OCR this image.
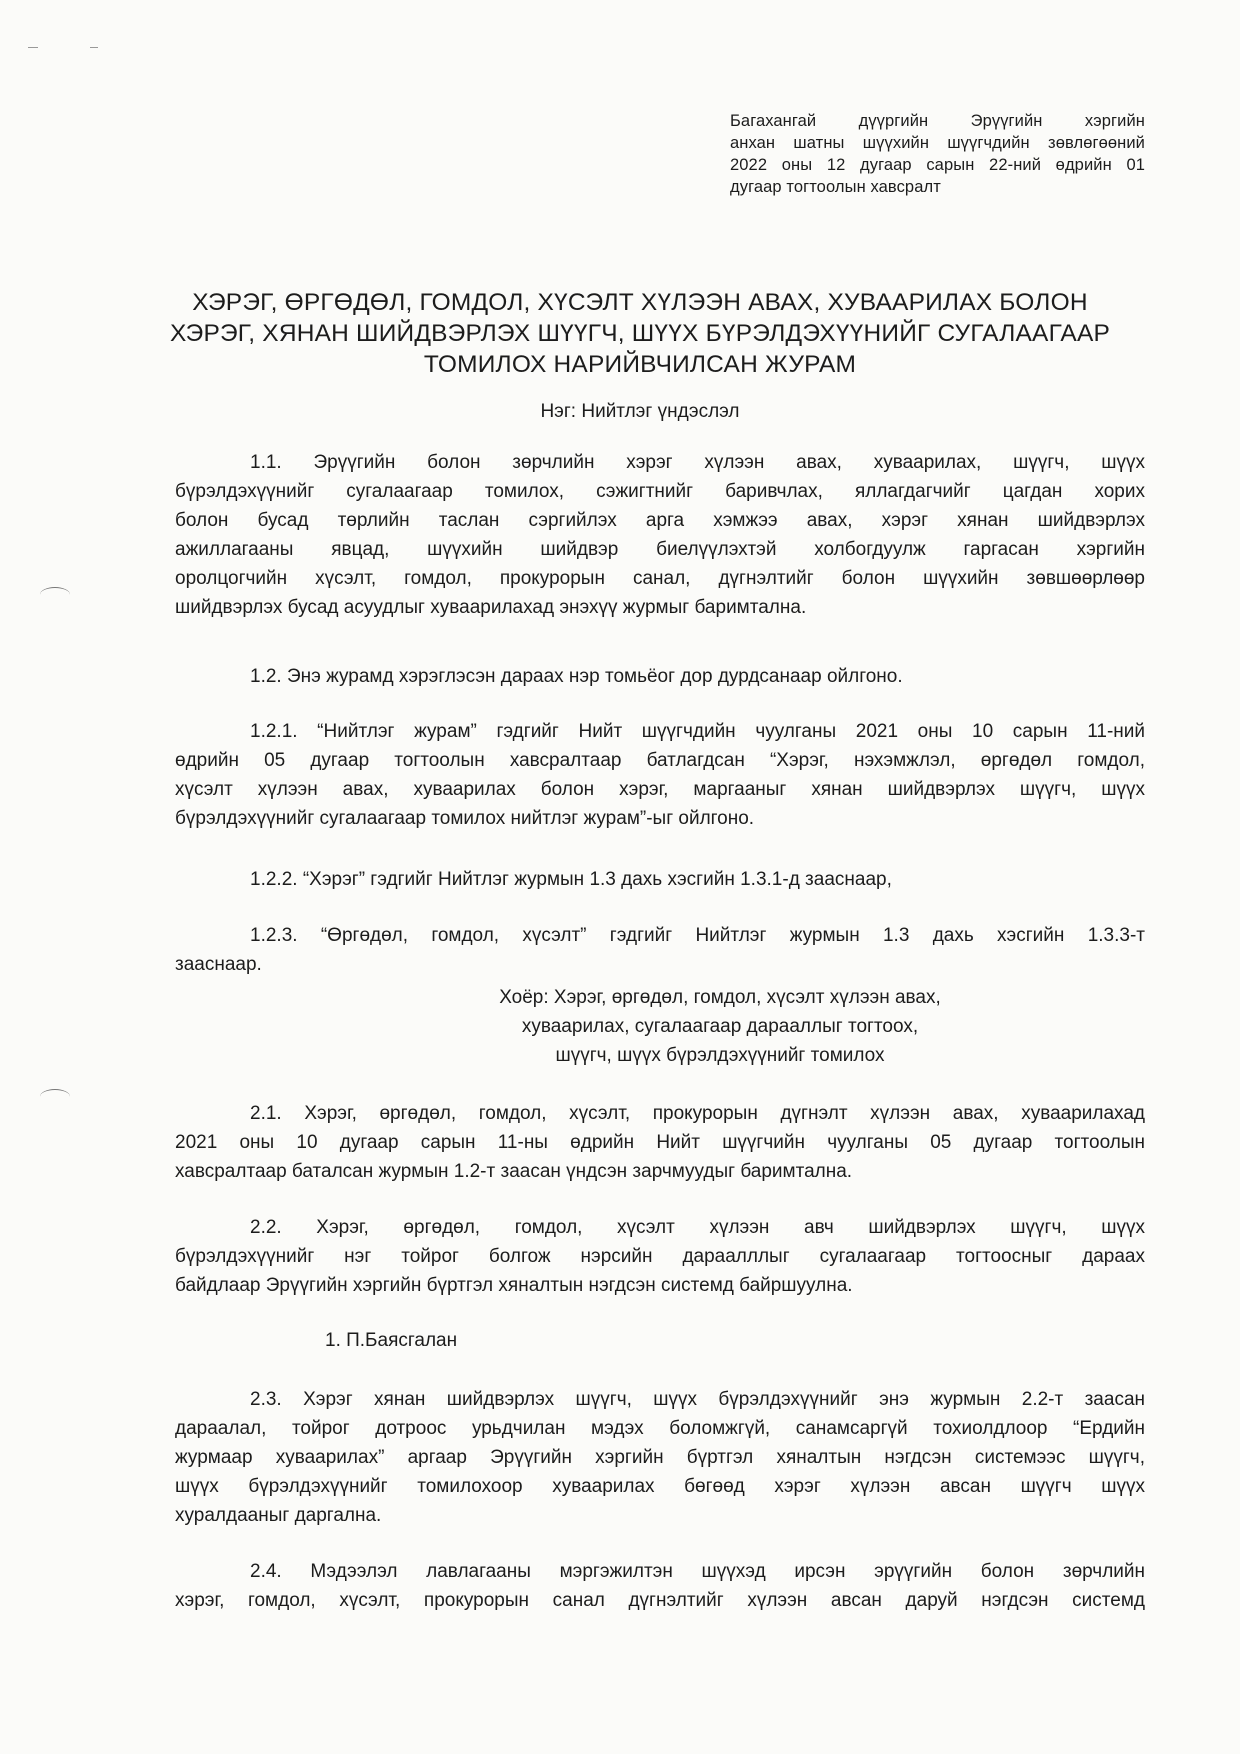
Багахангай дүүргийн Эрүүгийн хэргийн
анхан шатны шүүхийн шүүгчдийн зөвлөгөөний
2022 оны 12 дугаар сарын 22-ний өдрийн 01
дугаар тогтоолын хавсралт
ХЭРЭГ, ӨРГӨДӨЛ, ГОМДОЛ, ХҮСЭЛТ ХҮЛЭЭН АВАХ, ХУВААРИЛАХ БОЛОН
ХЭРЭГ, ХЯНАН ШИЙДВЭРЛЭХ ШҮҮГЧ, ШҮҮХ БҮРЭЛДЭХҮҮНИЙГ СУГАЛААГААР
ТОМИЛОХ НАРИЙВЧИЛСАН ЖУРАМ
Нэг: Нийтлэг үндэслэл
1.1. Эрүүгийн болон зөрчлийн хэрэг хүлээн авах, хуваарилах, шүүгч, шүүх
бүрэлдэхүүнийг сугалаагаар томилох, сэжигтнийг баривчлах, яллагдагчийг цагдан хорих
болон бусад төрлийн таслан сэргийлэх арга хэмжээ авах, хэрэг хянан шийдвэрлэх
ажиллагааны явцад, шүүхийн шийдвэр биелүүлэхтэй холбогдуулж гаргасан хэргийн
оролцогчийн хүсэлт, гомдол, прокурорын санал, дүгнэлтийг болон шүүхийн зөвшөөрлөөр
шийдвэрлэх бусад асуудлыг хуваарилахад энэхүү журмыг баримтална.
1.2. Энэ журамд хэрэглэсэн дараах нэр томьёог дор дурдсанаар ойлгоно.
1.2.1. “Нийтлэг журам” гэдгийг Нийт шүүгчдийн чуулганы 2021 оны 10 сарын 11-ний
өдрийн 05 дугаар тогтоолын хавсралтаар батлагдсан “Хэрэг, нэхэмжлэл, өргөдөл гомдол,
хүсэлт хүлээн авах, хуваарилах болон хэрэг, маргааныг хянан шийдвэрлэх шүүгч, шүүх
бүрэлдэхүүнийг сугалаагаар томилох нийтлэг журам”-ыг ойлгоно.
1.2.2. “Хэрэг” гэдгийг Нийтлэг журмын 1.3 дахь хэсгийн 1.3.1-д зааснаар,
1.2.3. “Өргөдөл, гомдол, хүсэлт” гэдгийг Нийтлэг журмын 1.3 дахь хэсгийн 1.3.3-т
зааснаар.
Хоёр: Хэрэг, өргөдөл, гомдол, хүсэлт хүлээн авах,
хуваарилах, сугалаагаар дарааллыг тогтоох,
шүүгч, шүүх бүрэлдэхүүнийг томилох
2.1. Хэрэг, өргөдөл, гомдол, хүсэлт, прокурорын дүгнэлт хүлээн авах, хуваарилахад
2021 оны 10 дугаар сарын 11-ны өдрийн Нийт шүүгчийн чуулганы 05 дугаар тогтоолын
хавсралтаар баталсан журмын 1.2-т заасан үндсэн зарчмуудыг баримтална.
2.2. Хэрэг, өргөдөл, гомдол, хүсэлт хүлээн авч шийдвэрлэх шүүгч, шүүх
бүрэлдэхүүнийг нэг тойрог болгож нэрсийн дараалллыг сугалаагаар тогтоосныг дараах
байдлаар Эрүүгийн хэргийн бүртгэл хяналтын нэгдсэн системд байршуулна.
1. П.Баясгалан
2.3. Хэрэг хянан шийдвэрлэх шүүгч, шүүх бүрэлдэхүүнийг энэ журмын 2.2-т заасан
дараалал, тойрог дотроос урьдчилан мэдэх боломжгүй, санамсаргүй тохиолдлоор “Ердийн
журмаар хуваарилах” аргаар Эрүүгийн хэргийн бүртгэл хяналтын нэгдсэн системээс шүүгч,
шүүх бүрэлдэхүүнийг томилохоор хуваарилах бөгөөд хэрэг хүлээн авсан шүүгч шүүх
хуралдааныг даргална.
2.4. Мэдээлэл лавлагааны мэргэжилтэн шүүхэд ирсэн эрүүгийн болон зөрчлийн
хэрэг, гомдол, хүсэлт, прокурорын санал дүгнэлтийг хүлээн авсан даруй нэгдсэн системд
